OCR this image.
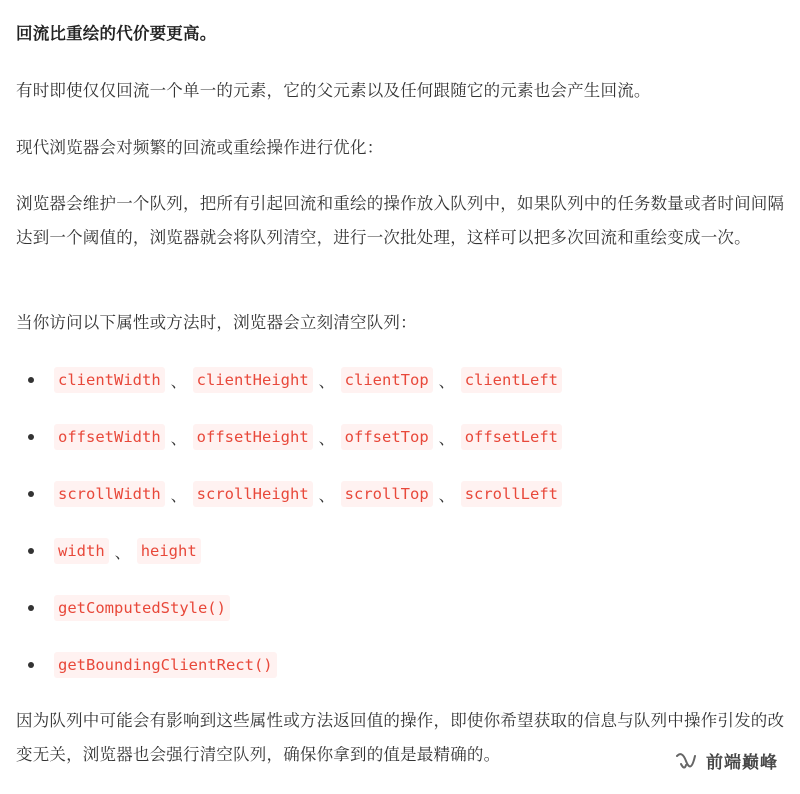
回流比重绘的代价要更高。

有时即使仅仅回流一个单一的元素，它的父元素以及任何跟随它的元素也会产生回流。

现代浏览器会对频繁的回流或重绘操作进行优化：

浏览器会维护一个队列，把所有引起回流和重绘的操作放入队列中，如果队列中的任务数量或者时间间隔达到一个阈值的，浏览器就会将队列清空，进行一次批处理，这样可以把多次回流和重绘变成一次。

当你访问以下属性或方法时，浏览器会立刻清空队列：

clientWidth 、 clientHeight 、 clientTop 、 clientLeft
offsetWidth 、 offsetHeight 、 offsetTop 、 offsetLeft
scrollWidth 、 scrollHeight 、 scrollTop 、 scrollLeft
width 、 height
getComputedStyle()
getBoundingClientRect()

因为队列中可能会有影响到这些属性或方法返回值的操作，即使你希望获取的信息与队列中操作引发的改变无关，浏览器也会强行清空队列，确保你拿到的值是最精确的。	前端巅峰
